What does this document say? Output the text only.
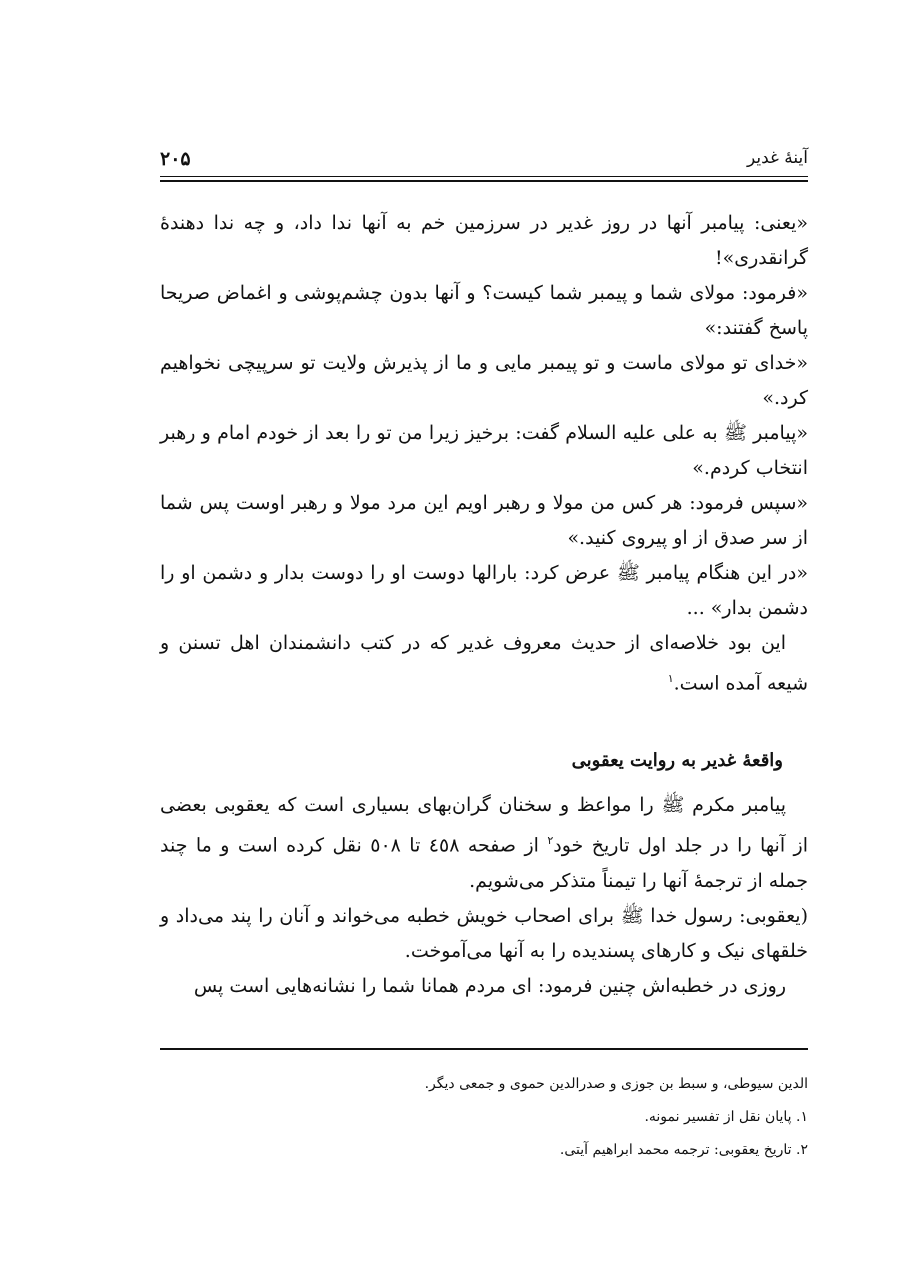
آینهٔ غدیر
۲۰۵

«یعنی: پیامبر آنها در روز غدیر در سرزمین خم به آنها ندا داد، و چه ندا دهندهٔ گرانقدری»!

«فرمود: مولای شما و پیمبر شما کیست؟ و آنها بدون چشم‌پوشی و اغماض صریحا پاسخ گفتند:»

«خدای تو مولای ماست و تو پیمبر مایی و ما از پذیرش ولایت تو سرپیچی نخواهیم کرد.»

«پیامبر ﷺ به علی علیه السلام گفت: برخیز زیرا من تو را بعد از خودم امام و رهبر انتخاب کردم.»

«سپس فرمود: هر کس من مولا و رهبر اویم این مرد مولا و رهبر اوست پس شما از سر صدق از او پیروی کنید.»

«در این هنگام پیامبر ﷺ عرض کرد: بارالها دوست او را دوست بدار و دشمن او را دشمن بدار» ...

این بود خلاصه‌ای از حدیث معروف غدیر که در کتب دانشمندان اهل تسنن و شیعه آمده است.$^۱$

واقعهٔ غدیر به روایت یعقوبی

پیامبر مکرم ﷺ را مواعظ و سخنان گران‌بهای بسیاری است که یعقوبی بعضی از آنها را در جلد اول تاریخ خود$^۲$ از صفحه ٤٥٨ تا ٥٠٨ نقل کرده است و ما چند جمله از ترجمهٔ آنها را تیمناً متذکر می‌شویم.

(یعقوبی: رسول خدا ﷺ برای اصحاب خویش خطبه می‌خواند و آنان را پند می‌داد و خلقهای نیک و کارهای پسندیده را به آنها می‌آموخت.

روزی در خطبه‌اش چنین فرمود: ای مردم همانا شما را نشانه‌هایی است پس

الدین سیوطی، و سبط بن جوزی و صدرالدین حموی و جمعی دیگر.
۱. پایان نقل از تفسیر نمونه.
۲. تاریخ یعقوبی: ترجمه محمد ابراهیم آیتی.
